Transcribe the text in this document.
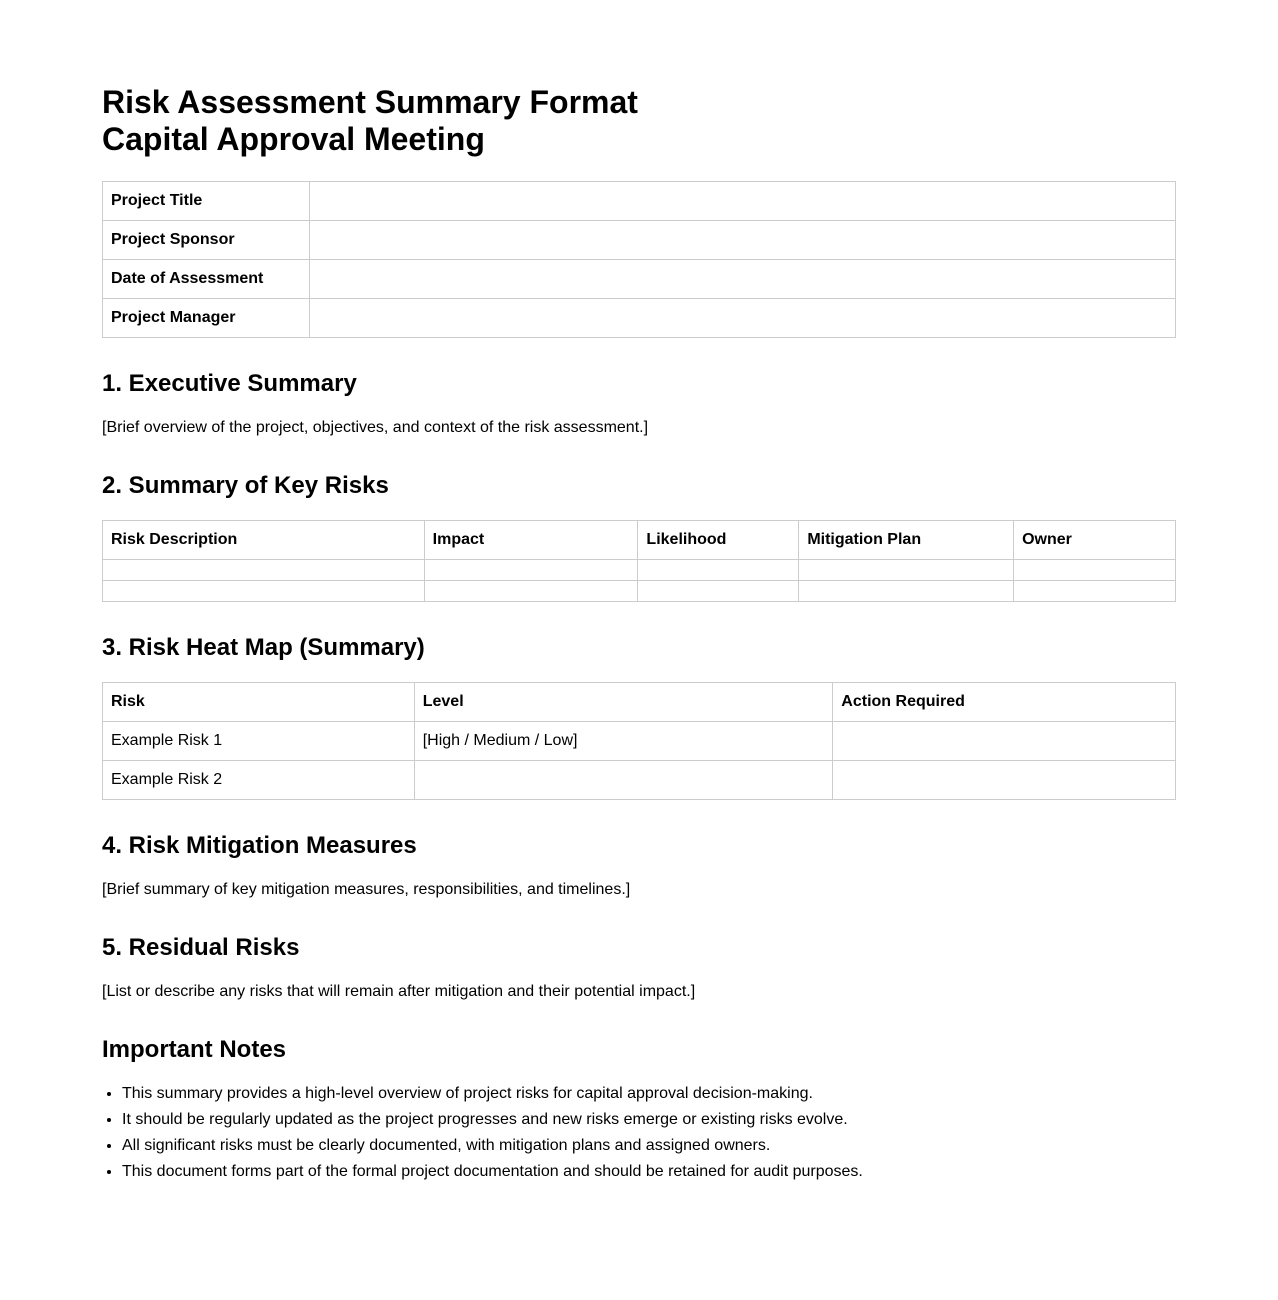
Risk Assessment Summary Format
Capital Approval Meeting
Project Title	
Project Sponsor	
Date of Assessment	
Project Manager	
1. Executive Summary

[Brief overview of the project, objectives, and context of the risk assessment.]

2. Summary of Key Risks
Risk Description	Impact	Likelihood	Mitigation Plan	Owner

3. Risk Heat Map (Summary)
Risk	Level	Action Required
Example Risk 1	[High / Medium / Low]	
Example Risk 2		
4. Risk Mitigation Measures

[Brief summary of key mitigation measures, responsibilities, and timelines.]

5. Residual Risks

[List or describe any risks that will remain after mitigation and their potential impact.]

Important Notes
• This summary provides a high-level overview of project risks for capital approval decision-making.
• It should be regularly updated as the project progresses and new risks emerge or existing risks evolve.
• All significant risks must be clearly documented, with mitigation plans and assigned owners.
• This document forms part of the formal project documentation and should be retained for audit purposes.
